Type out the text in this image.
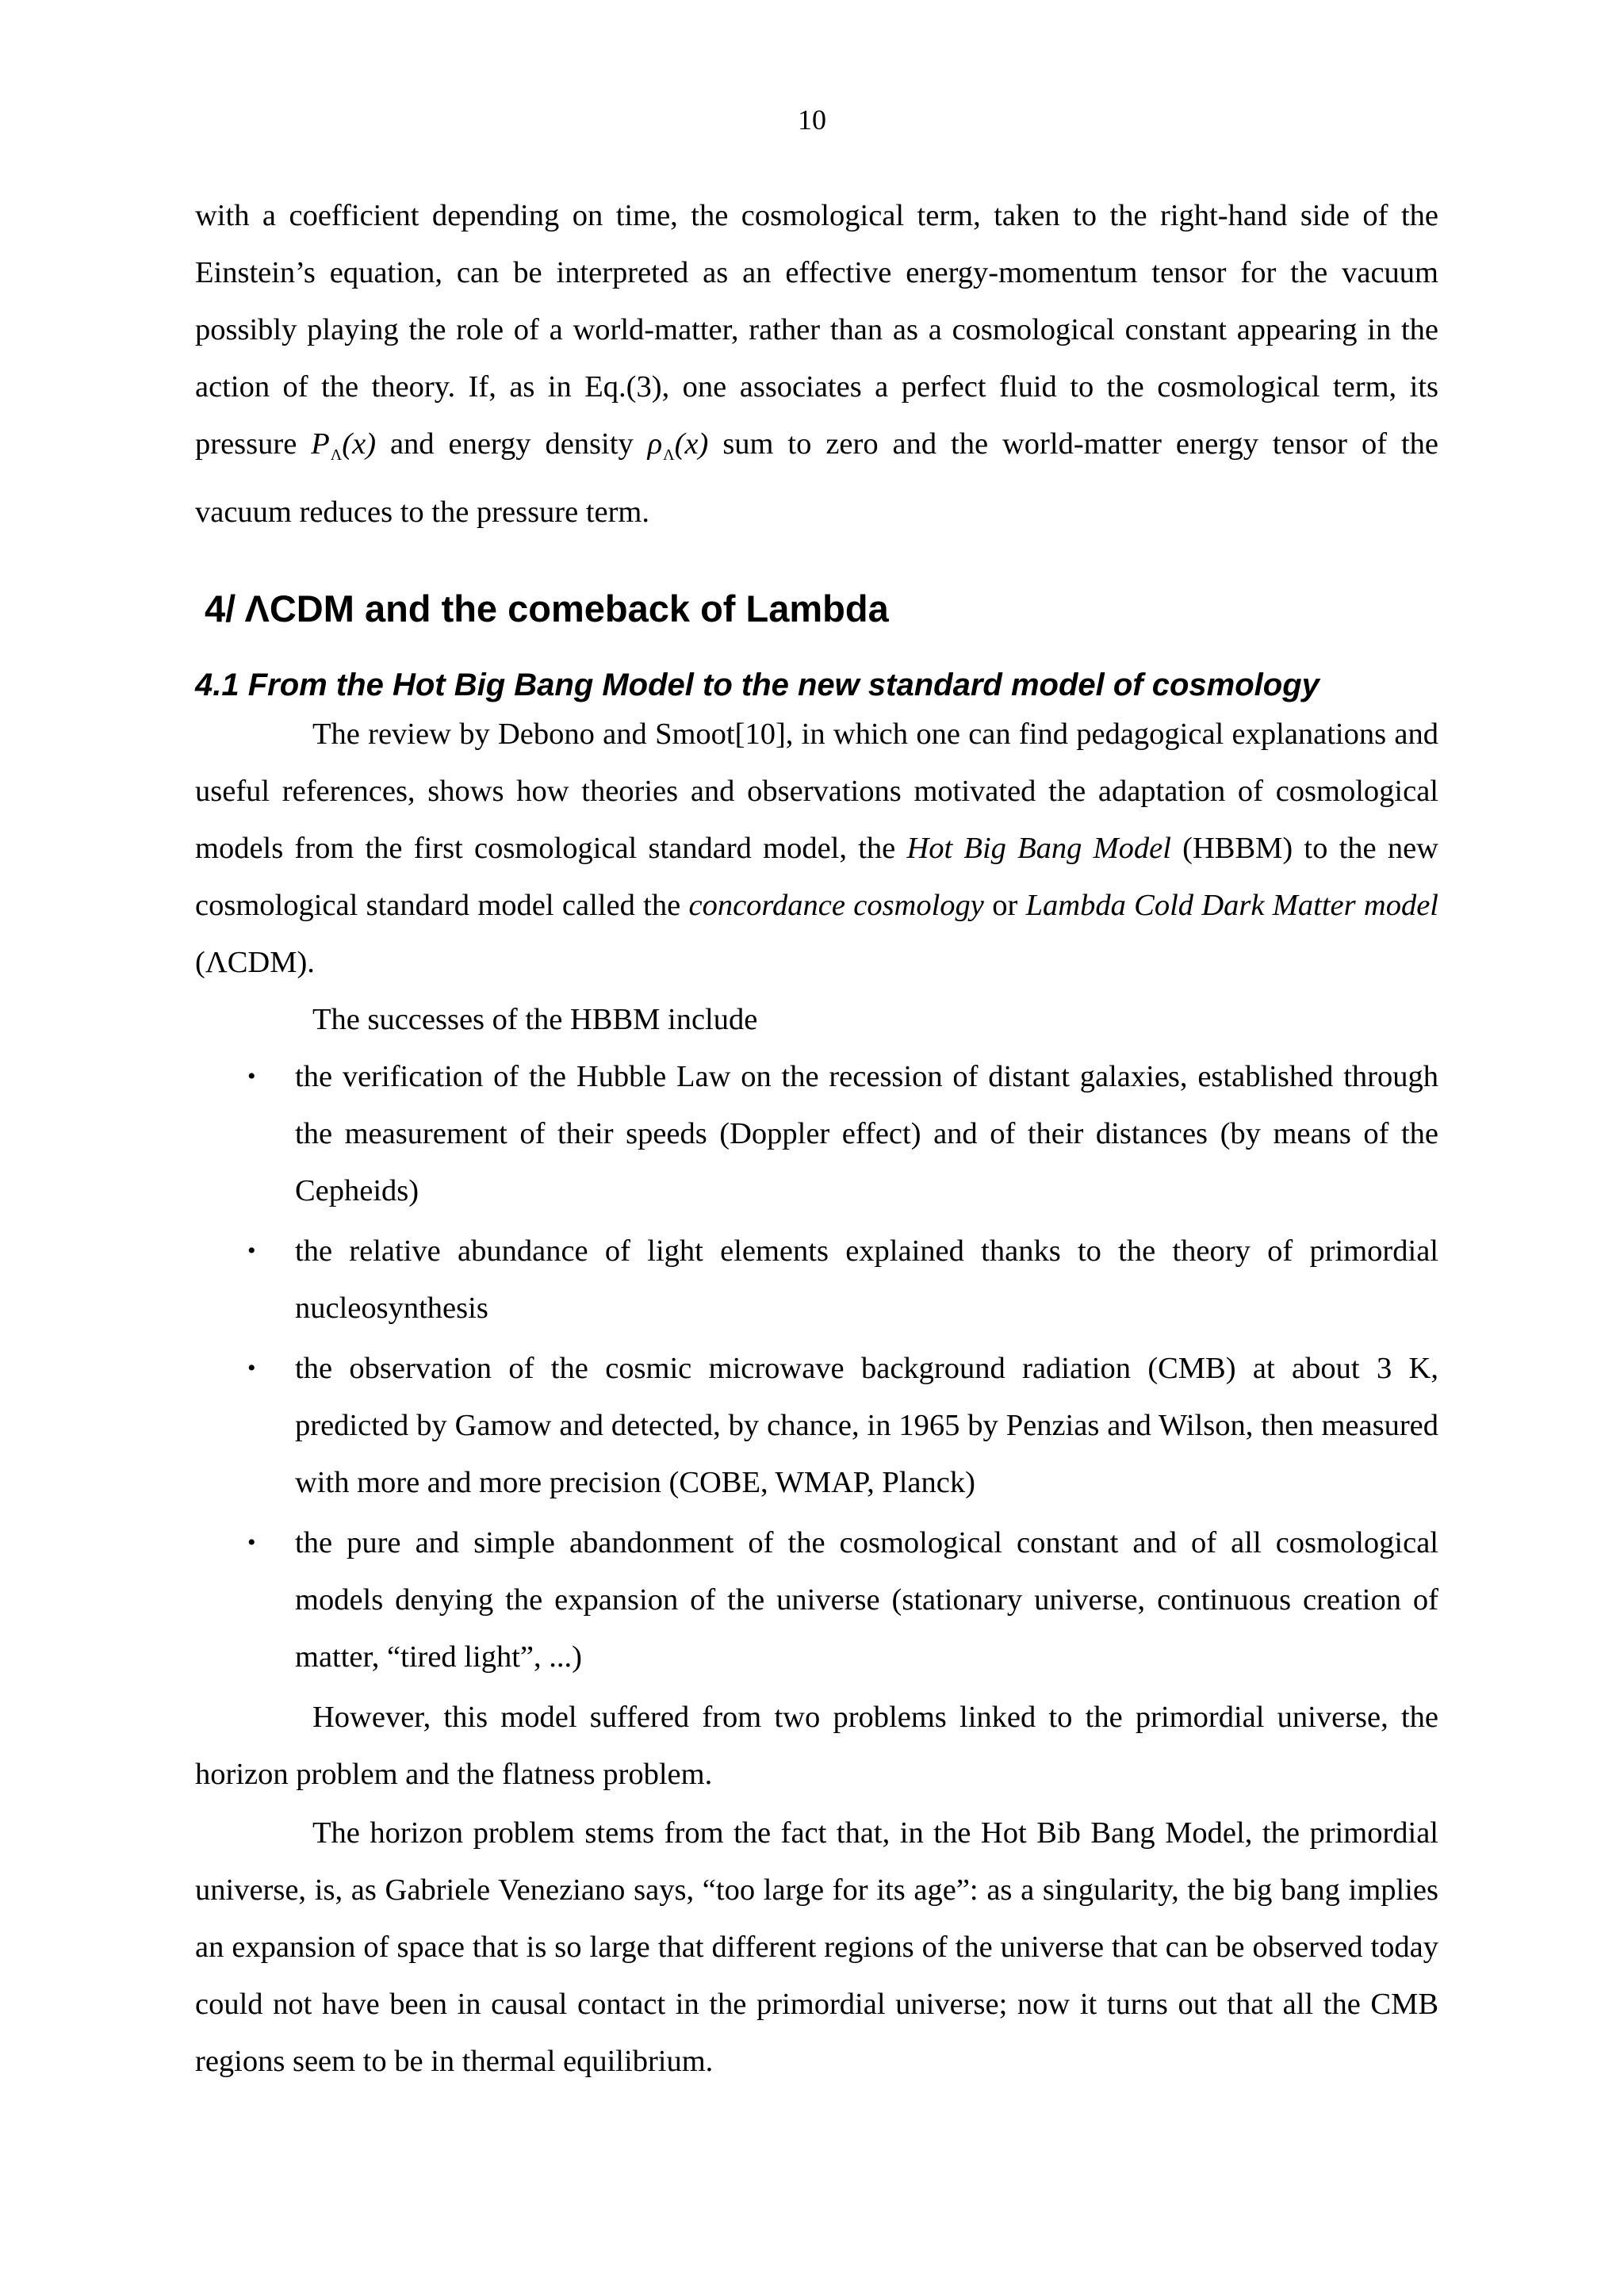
10

with a coefficient depending on time, the cosmological term, taken to the right-hand side of the Einstein’s equation, can be interpreted as an effective energy-momentum tensor for the vacuum possibly playing the role of a world-matter, rather than as a cosmological constant appearing in the action of the theory. If, as in Eq.(3), one associates a perfect fluid to the cosmological term, its pressure $P_\Lambda(x)$ and energy density $\rho_\Lambda(x)$ sum to zero and the world-matter energy tensor of the vacuum reduces to the pressure term.

4/ ΛCDM and the comeback of Lambda
4.1 From the Hot Big Bang Model to the new standard model of cosmology

The review by Debono and Smoot[10], in which one can find pedagogical explanations and useful references, shows how theories and observations motivated the adaptation of cosmological models from the first cosmological standard model, the Hot Big Bang Model (HBBM) to the new cosmological standard model called the concordance cosmology or Lambda Cold Dark Matter model (ΛCDM).

The successes of the HBBM include

• the verification of the Hubble Law on the recession of distant galaxies, established through the measurement of their speeds (Doppler effect) and of their distances (by means of the Cepheids)
• the relative abundance of light elements explained thanks to the theory of primordial nucleosynthesis
• the observation of the cosmic microwave background radiation (CMB) at about 3 K, predicted by Gamow and detected, by chance, in 1965 by Penzias and Wilson, then measured with more and more precision (COBE, WMAP, Planck)
• the pure and simple abandonment of the cosmological constant and of all cosmological models denying the expansion of the universe (stationary universe, continuous creation of matter, “tired light”, ...)

However, this model suffered from two problems linked to the primordial universe, the horizon problem and the flatness problem.

The horizon problem stems from the fact that, in the Hot Bib Bang Model, the primordial universe, is, as Gabriele Veneziano says, “too large for its age”: as a singularity, the big bang implies an expansion of space that is so large that different regions of the universe that can be observed today could not have been in causal contact in the primordial universe; now it turns out that all the CMB regions seem to be in thermal equilibrium.
